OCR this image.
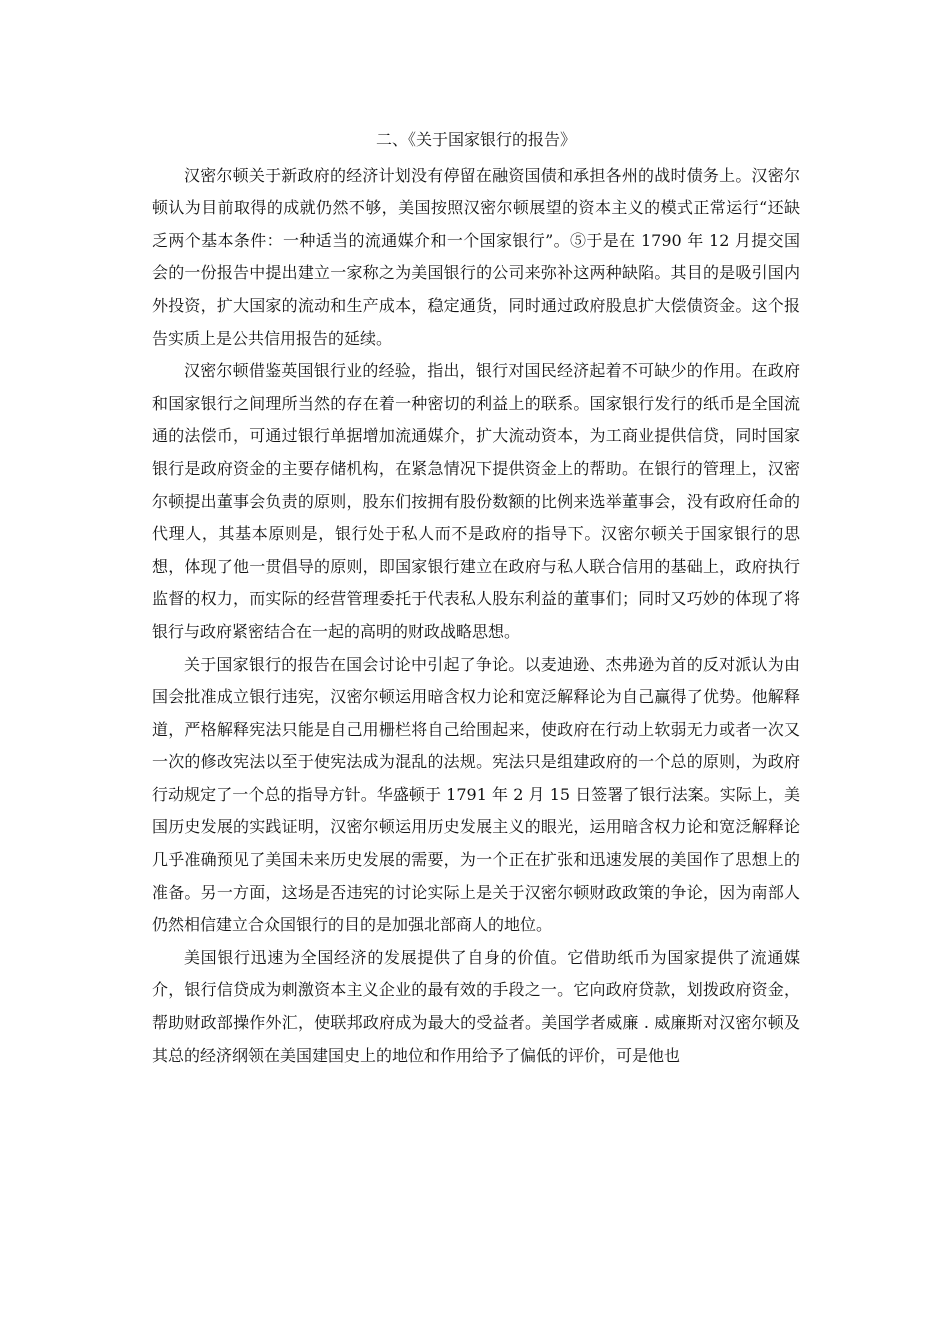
二、《关于国家银行的报告》

汉密尔顿关于新政府的经济计划没有停留在融资国债和承担各州的战时债务上。汉密尔顿认为目前取得的成就仍然不够，美国按照汉密尔顿展望的资本主义的模式正常运行“还缺乏两个基本条件：一种适当的流通媒介和一个国家银行”。⑤于是在 1790 年 12 月提交国会的一份报告中提出建立一家称之为美国银行的公司来弥补这两种缺陷。其目的是吸引国内外投资，扩大国家的流动和生产成本，稳定通货，同时通过政府股息扩大偿债资金。这个报告实质上是公共信用报告的延续。

汉密尔顿借鉴英国银行业的经验，指出，银行对国民经济起着不可缺少的作用。在政府和国家银行之间理所当然的存在着一种密切的利益上的联系。国家银行发行的纸币是全国流通的法偿币，可通过银行单据增加流通媒介，扩大流动资本，为工商业提供信贷，同时国家银行是政府资金的主要存储机构，在紧急情况下提供资金上的帮助。在银行的管理上，汉密尔顿提出董事会负责的原则，股东们按拥有股份数额的比例来选举董事会，没有政府任命的代理人，其基本原则是，银行处于私人而不是政府的指导下。汉密尔顿关于国家银行的思想，体现了他一贯倡导的原则，即国家银行建立在政府与私人联合信用的基础上，政府执行监督的权力，而实际的经营管理委托于代表私人股东利益的董事们；同时又巧妙的体现了将银行与政府紧密结合在一起的高明的财政战略思想。

关于国家银行的报告在国会讨论中引起了争论。以麦迪逊、杰弗逊为首的反对派认为由国会批准成立银行违宪，汉密尔顿运用暗含权力论和宽泛解释论为自己赢得了优势。他解释道，严格解释宪法只能是自己用栅栏将自己给围起来，使政府在行动上软弱无力或者一次又一次的修改宪法以至于使宪法成为混乱的法规。宪法只是组建政府的一个总的原则，为政府行动规定了一个总的指导方针。华盛顿于 1791 年 2 月 15 日签署了银行法案。实际上，美国历史发展的实践证明，汉密尔顿运用历史发展主义的眼光，运用暗含权力论和宽泛解释论几乎准确预见了美国未来历史发展的需要，为一个正在扩张和迅速发展的美国作了思想上的准备。另一方面，这场是否违宪的讨论实际上是关于汉密尔顿财政政策的争论，因为南部人仍然相信建立合众国银行的目的是加强北部商人的地位。

美国银行迅速为全国经济的发展提供了自身的价值。它借助纸币为国家提供了流通媒介，银行信贷成为刺激资本主义企业的最有效的手段之一。它向政府贷款，划拨政府资金，帮助财政部操作外汇，使联邦政府成为最大的受益者。美国学者威廉 . 威廉斯对汉密尔顿及其总的经济纲领在美国建国史上的地位和作用给予了偏低的评价，可是他也
